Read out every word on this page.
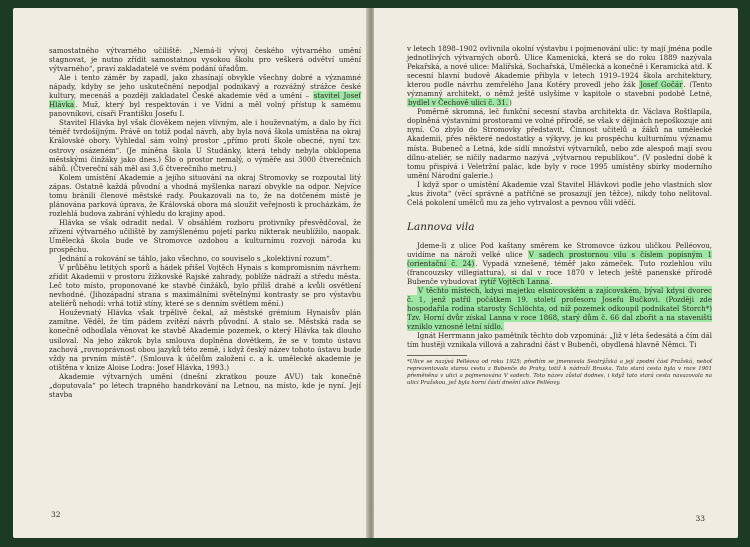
samostatného výtvarného učiliště: „Nemá-li vývoj českého výtvarného umění stagnovat, je nutno zřídit samostatnou vysokou školu pro veškerá odvětví umění výtvarného“, praví zakladatelé ve svém podání úřadům.

Ale i tento záměr by zapadl, jako zhasínají obvykle všechny dobré a významné nápady, kdyby se jeho uskutečnění nepodjal podnikavý a rozvážný strážce české kultury, mecenáš a později zakladatel České akademie věd a umění – stavitel Josef Hlávka. Muž, který byl respektován i ve Vídni a měl volný přístup k samému panovníkovi, císaři Františku Josefu I.

Stavitel Hlávka byl však člověkem nejen vlivným, ale i houževnatým, a dalo by říci téměř tvrdošíjným. Právě on totiž podal návrh, aby byla nová škola umístěna na okraj Královské obory. Vyhledal sám volný prostor „přímo proti škole obecné, nyní tzv. ostrovy osázeném“. (Je míněna škola U Studánky, která tehdy nebyla obklopena městskými činžáky jako dnes.) Šlo o prostor nemalý, o výměře asi 3000 čtverečních sáhů. (Čtvereční sáh měl asi 3,6 čtverečního metru.)

Kolem umístění Akademie a jejího situování na okraj Stromovky se rozpoutal litý zápas. Ostatně každá původní a vhodná myšlenka narazí obvykle na odpor. Nejvíce tomu bránili členové městské rady. Poukazovali na to, že na dotčeném místě je plánována parková úprava, že Královská obora má sloužit veřejnosti k procházkám, že rozlehlá budova zabrání výhledu do krajiny apod.

Hlávka se však odradit nedal. V obsáhlém rozboru protivníky přesvědčoval, že zřízení výtvarného učiliště by zamýšlenému pojetí parku nikterak neublížilo, naopak. Umělecká škola bude ve Stromovce ozdobou a kulturnímu rozvoji národa ku prospěchu.

Jednání a rokování se táhlo, jako všechno, co souviselo s „kolektivní rozum“.

V průběhu letitých sporů a hádek přišel Vojtěch Hynais s kompromisním návrhem: zřídit Akademii v prostoru žižkovské Rajské zahrady, poblíže nádraží a středu města. Leč toto místo, proponované ke stavbě činžáků, bylo příliš drahé a kvůli osvětlení nevhodné. (Jihozápadní strana s maximálními světelnými kontrasty se pro výstavbu ateliérů nehodí: vrhá totiž stíny, které se s denním světlem mění.)

Houževnatý Hlávka však trpělivě čekal, až městské grémium Hynaisův plán zamítne. Věděl, že tím pádem zvítězí návrh původní. A stalo se. Městská rada se konečně odhodlala věnovat ke stavbě Akademie pozemek, o který Hlávka tak dlouho usiloval. Na jeho zákrok byla smlouva doplněna dovětkem, že se v tomto ústavu zachová „rovnoprávnost obou jazyků této země, i když český název tohoto ústavu bude vždy na prvním místě“. (Smlouva k účelům založení c. a k. umělecké akademie je otištěna v knize Aloise Lodra: Josef Hlávka, 1993.)

Akademie výtvarných umění (dnešní zkratkou pouze AVU) tak konečně „doputovala“ po létech trapného handrkování na Letnou, na místo, kde je nyní. Její stavba

32

v letech 1898–1902 ovlivnila okolní výstavbu i pojmenování ulic: ty mají jména podle jednotlivých výtvarných oborů. Ulice Kamenická, která se do roku 1889 nazývala Pekařská, a nové ulice: Malířská, Sochařská, Umělecká a konečně i Keramická atd. K secesní hlavní budově Akademie přibyla v letech 1919–1924 škola architektury, kterou podle návrhu zemřelého Jana Kotěry provedl jeho žák Josef Gočár. (Tento významný architekt, o němž ještě uslyšíme v kapitole o stavební podobě Letné, bydlel v Čechově ulici č. 31.)

Poměrně skromná, leč funkční secesní stavba architekta dr. Václava Roštlapila, doplněná výstavními prostorami ve volné přírodě, se však v dějinách nepoškozuje ani nyní. Co zbylo do Stromovky představit. Činnost učitelů a žáků na umělecké Akademii, přes některé nedostatky a výkyvy, je ku prospěchu kulturnímu významu místa. Bubeneč a Letná, kde sídlí množství výtvarníků, nebo zde alespoň mají svou dílnu-ateliér, se ničily nadarmo nazývá „výtvarnou republikou“. (V poslední době k tomu přispívá i Veletržní palác, kde byly v roce 1995 umístěny sbírky moderního umění Národní galerie.)

I když spor o umístění Akademie vzal Stavitel Hlávkovi podle jeho vlastních slov „kus života“ (věcí správné a patřičné se prosazují jen těžce), nikdy toho nelitoval. Celá pokolení umělců mu za jeho vytrvalost a pevnou vůli vděčí.

Lannova vila

Jdeme-li z ulice Pod kaštany směrem ke Stromovce úzkou uličkou Pelléovou, uvidíme na nároží velké ulice V sadech prostornou vilu s číslem popisným 1 (orientační č. 24). Vypadá vznešeně, téměř jako zámeček. Tuto rozlehlou vilu (francouzsky villegiattura), si dal v roce 1870 v letech ještě panenské přírodě Bubenče vybudovat rytíř Vojtěch Lanna.

V těchto místech, kdysi majetku elsnicovském a zajícovském, býval kdysi dvorec č. 1, jenž patřil počátkem 19. století profesoru Josefu Bučkovi. (Později zde hospodařila rodina starosty Schlöchta, od níž pozemek odkoupil podnikatel Storch*) Tzv. Horní dvůr získal Lanna v roce 1868, starý dům č. 66 dal zbořit a na staveništi vzniklo vznosné letní sídlo.

Ignát Herrmann jako pamětník těchto dob vzpomíná: „Již v léta šedesátá a čím dál tím hustěji vznikala villová a zahradní část v Bubenči, obydlená hlavně Němci. Ti

*Ulice se nazývá Pelléova od roku 1925; předtím se jmenovala Seatrýžská a její zpodní část Pražská, neboť reprezentovala starou cestu z Bubenče do Prahy, totiž k nádraží Bruska. Tato stará cesta byla v roce 1901 přeměněna v ulici a pojmenována V sadech. Toto název zůstal dodnes, i když tato stará cesta navazovala na ulici Pražskou, jež byla horní částí dnešní ulice Pelléovy.

33
